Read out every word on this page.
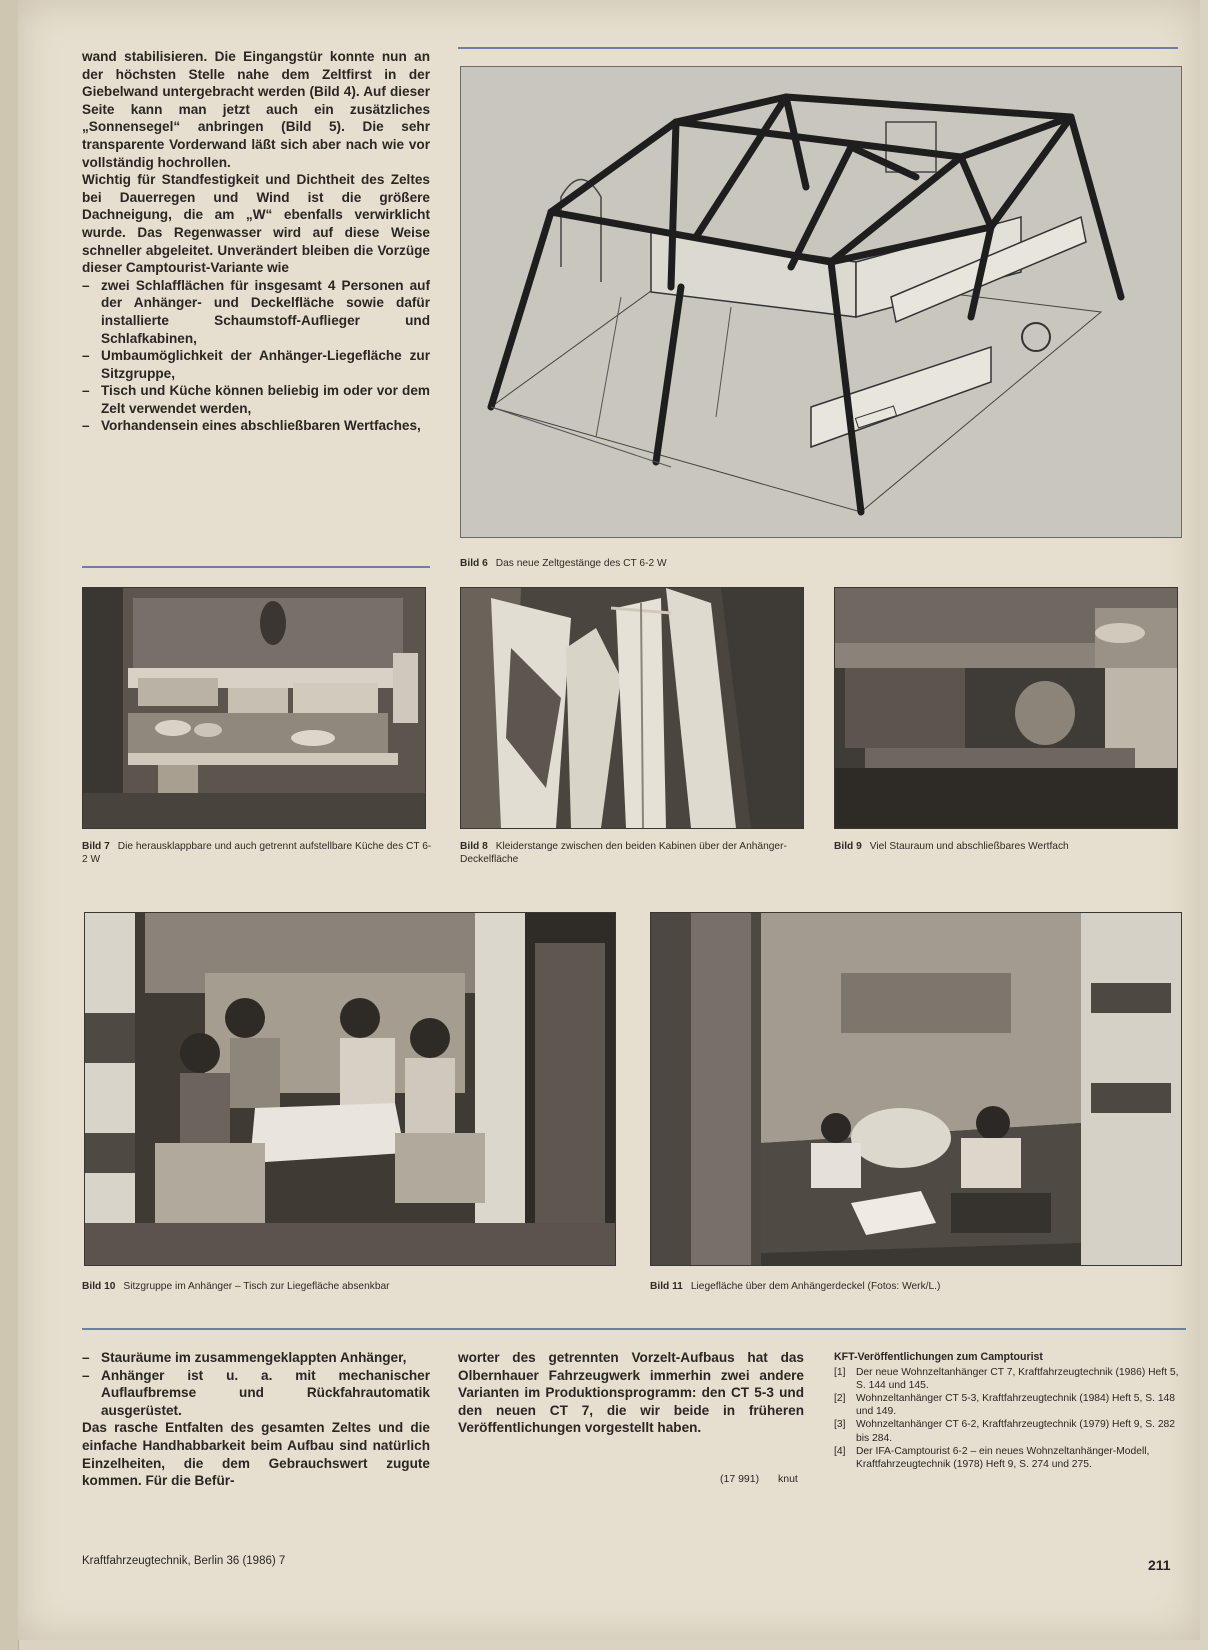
wand stabilisieren. Die Eingangstür konnte nun an der höchsten Stelle nahe dem Zeltfirst in der Giebelwand untergebracht werden (Bild 4). Auf dieser Seite kann man jetzt auch ein zusätzliches „Sonnensegel“ anbringen (Bild 5). Die sehr transparente Vorderwand läßt sich aber nach wie vor vollständig hochrollen.

Wichtig für Standfestigkeit und Dichtheit des Zeltes bei Dauerregen und Wind ist die größere Dachneigung, die am „W“ ebenfalls verwirklicht wurde. Das Regenwasser wird auf diese Weise schneller abgeleitet. Unverändert bleiben die Vorzüge dieser Camptourist-Variante wie

– zwei Schlafflächen für insgesamt 4 Personen auf der Anhänger- und Deckelfläche sowie dafür installierte Schaumstoff-Auflieger und Schlafkabinen,
– Umbaumöglichkeit der Anhänger-Liegefläche zur Sitzgruppe,
– Tisch und Küche können beliebig im oder vor dem Zelt verwendet werden,
– Vorhandensein eines abschließbaren Wertfaches,
Bild 6 Das neue Zeltgestänge des CT 6-2 W
Bild 7 Die herausklappbare und auch getrennt aufstellbare Küche des CT 6-2 W
Bild 8 Kleiderstange zwischen den beiden Kabinen über der Anhänger-Deckelfläche
Bild 9 Viel Stauraum und abschließbares Wertfach
Bild 10 Sitzgruppe im Anhänger – Tisch zur Liegefläche absenkbar	Bild 11 Liegefläche über dem Anhängerdeckel (Fotos: Werk/L.)
– Stauräume im zusammengeklappten Anhänger,
– Anhänger ist u. a. mit mechanischer Auflaufbremse und Rückfahrautomatik ausgerüstet.

Das rasche Entfalten des gesamten Zeltes und die einfache Handhabbarkeit beim Aufbau sind natürlich Einzelheiten, die dem Gebrauchswert zugute kommen. Für die Befür-

worter des getrennten Vorzelt-Aufbaus hat das Olbernhauer Fahrzeugwerk immerhin zwei andere Varianten im Produktionsprogramm: den CT 5-3 und den neuen CT 7, die wir beide in früheren Veröffentlichungen vorgestellt haben.

(17 991) knut
KFT-Veröffentlichungen zum Camptourist
[1] Der neue Wohnzeltanhänger CT 7, Kraftfahrzeugtechnik (1986) Heft 5, S. 144 und 145.
[2] Wohnzeltanhänger CT 5-3, Kraftfahrzeugtechnik (1984) Heft 5, S. 148 und 149.
[3] Wohnzeltanhänger CT 6-2, Kraftfahrzeugtechnik (1979) Heft 9, S. 282 bis 284.
[4] Der IFA-Camptourist 6-2 – ein neues Wohnzeltanhänger-Modell, Kraftfahrzeugtechnik (1978) Heft 9, S. 274 und 275.
Kraftfahrzeugtechnik, Berlin 36 (1986) 7	211
